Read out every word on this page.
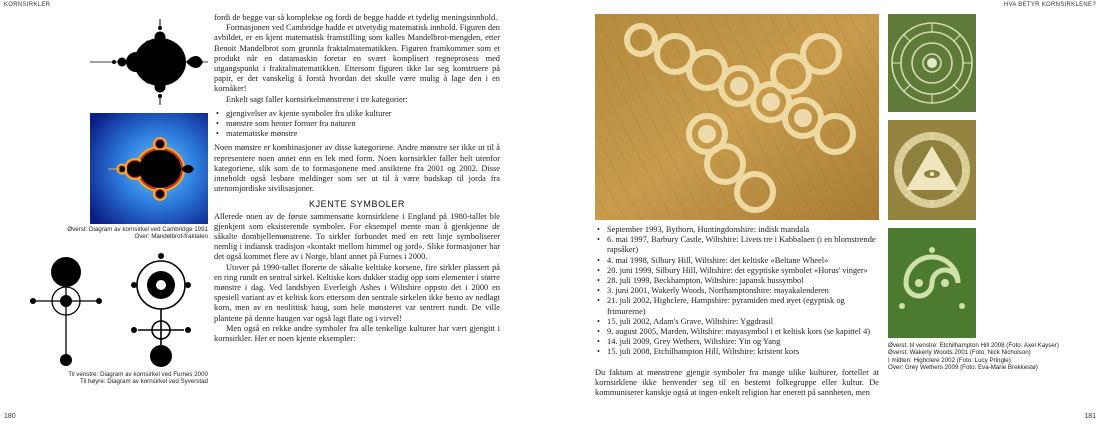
KORNSIRKLER
Øverst: Diagram av kornsirkel ved Cambridge 1991
Over: Mandelbrot-fraktalen
Til venstre: Diagram av kornsirkel ved Furnes 2000
Til høyre: Diagram av kornsirkel ved Syverstad

fordi de begge var så komplekse og fordi de begge hadde et tydelig meningsinnhold.

Formasjonen ved Cambridge hadde et utvetydig matematisk innhold. Figuren den avbildet, er en kjent matematisk framstilling som kalles Mandelbrot-mengden, etter Benoit Mandelbrot som grunnla fraktalmatematikken. Figuren framkommer som et produkt når en datamaskin foretar en svært komplisert regneprosess med utgangspunkt i fraktalmatematikken. Ettersom figuren ikke lar seg konstruere på papir, er det vanskelig å forstå hvordan det skulle være mulig å lage den i en kornåker!

Enkelt sagt faller kornsirkelmønstrene i tre kategorier:

• gjengivelser av kjente symboler fra ulike kulturer
• mønstre som henter former fra naturen
• matematiske mønstre

Noen mønstre er kombinasjoner av disse kategoriene. Andre mønstre ser ikke ut til å representere noen annet enn en lek med form. Noen kornsirkler faller helt utenfor kategoriene, slik som de to formasjonene med ansiktene fra 2001 og 2002. Disse inneholdt også lesbare meldinger som ser ut til å være budskap til jorda fra utenomjordiske sivilisasjoner.

KJENTE SYMBOLER

Allerede noen av de første sammensatte kornsirklene i England på 1980-tallet ble gjenkjent som eksisterende symboler. For eksempel mente man å gjenkjenne de såkalte dombjellemønstrene. To sirkler forbundet med en rett linje symboliserer nemlig i indiansk tradisjon «kontakt mellom himmel og jord». Slike formasjoner har det også kommet flere av i Norge, blant annet på Furnes i 2000.

Utover på 1990-tallet florerte de såkalte keltiske korsene, fire sirkler plassert på en ring rundt en sentral sirkel. Keltiske kors dukker stadig opp som elementer i større mønstre i dag. Ved landsbyen Everleigh Ashes i Wiltshire oppsto det i 2000 en spesiell variant av et keltisk kors ettersom den sentrale sirkelen ikke besto av nedlagt korn, men av en neolittisk haug, som hele mønsteret var sentrert rundt. De ville plantene på denne haugen var også lagt flate og i virvel!

Men også en rekke andre symboler fra alle tenkelige kulturer har vært gjengitt i kornsirkler. Her er noen kjente eksempler:

180
HVA BETYR KORNSIRKLENE?
Øverst, til venstre: Etchilhampton Hill 2008 (Foto: Axel Kayser)
Øverst: Wakerly Woods 2001 (Foto: Nick Nicholson)
I midten: Highclere 2002 (Foto: Lucy Pringle)
Over: Grey Wethers 2009 (Foto: Eva-Marie Brekkestø)
• September 1993, Bythorn, Huntingdonshire: indisk mandala
• 6. mai 1997, Barbury Castle, Wiltshire: Livets tre i Kabbalaen (i en blomstrende rapsåker)
• 4. mai 1998, Silbury Hill, Wiltshire: det keltiske «Beltane Wheel»
• 20. juni 1999, Silbury Hill, Wiltshire: det egyptiske symbolet «Horus' vinger»
• 28. juli 1999, Beckhampton, Wiltshire: japansk hussymbol
• 3. juni 2001, Wakerly Woods, Northamptonshire: mayakalenderen
• 21. juli 2002, Highclere, Hampshire: pyramiden med øyet (egyptisk og frimurerne)
• 15. juli 2002, Adam's Grave, Wiltshire: Yggdrasil
• 9. august 2005, Marden, Wiltshire: mayasymbol i et keltisk kors (se kapittel 4)
• 14. juli 2009, Grey Wethers, Wiltshire: Yin og Yang
• 15. juli 2008, Etchilhampton Hill, Wiltshire: kristent kors

Du faktum at mønstrene gjengir symboler fra mange ulike kulturer, forteller at kornsirklene ikke henvender seg til en bestemt folkegruppe eller kultur. De kommuniserer kanskje også at ingen enkelt religion har enerett på sannheten, men

181
